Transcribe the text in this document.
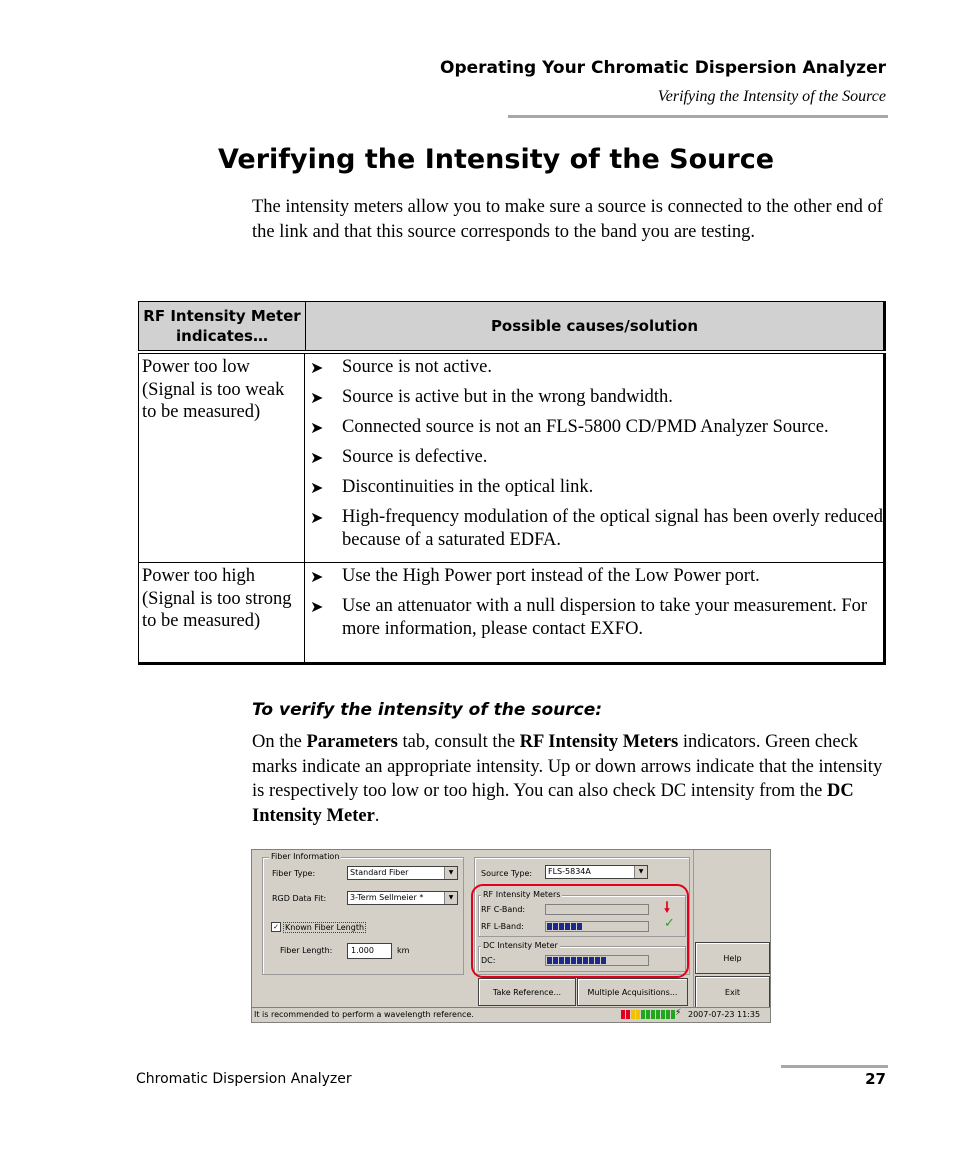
Operating Your Chromatic Dispersion Analyzer
Verifying the Intensity of the Source
Verifying the Intensity of the Source

The intensity meters allow you to make sure a source is connected to the other end of the link and that this source corresponds to the band you are testing.

RF Intensity Meter indicates…
Possible causes/solution
Power too low (Signal is too weak to be measured)
➤ Source is not active.
➤ Source is active but in the wrong bandwidth.
➤ Connected source is not an FLS-5800 CD/PMD Analyzer Source.
➤ Source is defective.
➤ Discontinuities in the optical link.
➤ High-frequency modulation of the optical signal has been overly reduced because of a saturated EDFA.
Power too high (Signal is too strong to be measured)
➤ Use the High Power port instead of the Low Power port.
➤ Use an attenuator with a null dispersion to take your measurement. For more information, please contact EXFO.
To verify the intensity of the source:

On the Parameters tab, consult the RF Intensity Meters indicators. Green check marks indicate an appropriate intensity. Up or down arrows indicate that the intensity is respectively too low or too high. You can also check DC intensity from the DC Intensity Meter.

Fiber Information
Fiber Type:	Standard Fiber	▼
RGD Data Fit:	3-Term Sellmeier *	▼
✓ Known Fiber Length
Fiber Length:	1.000	km
Source Type:	FLS-5834A	▼
RF Intensity Meters
RF C-Band:	🠗
RF L-Band:	✓
DC Intensity Meter
DC:
Take Reference...	Multiple Acquisitions...
Help
Exit
It is recommended to perform a wavelength reference.	⚡ 2007-07-23 11:35
Chromatic Dispersion Analyzer	27
